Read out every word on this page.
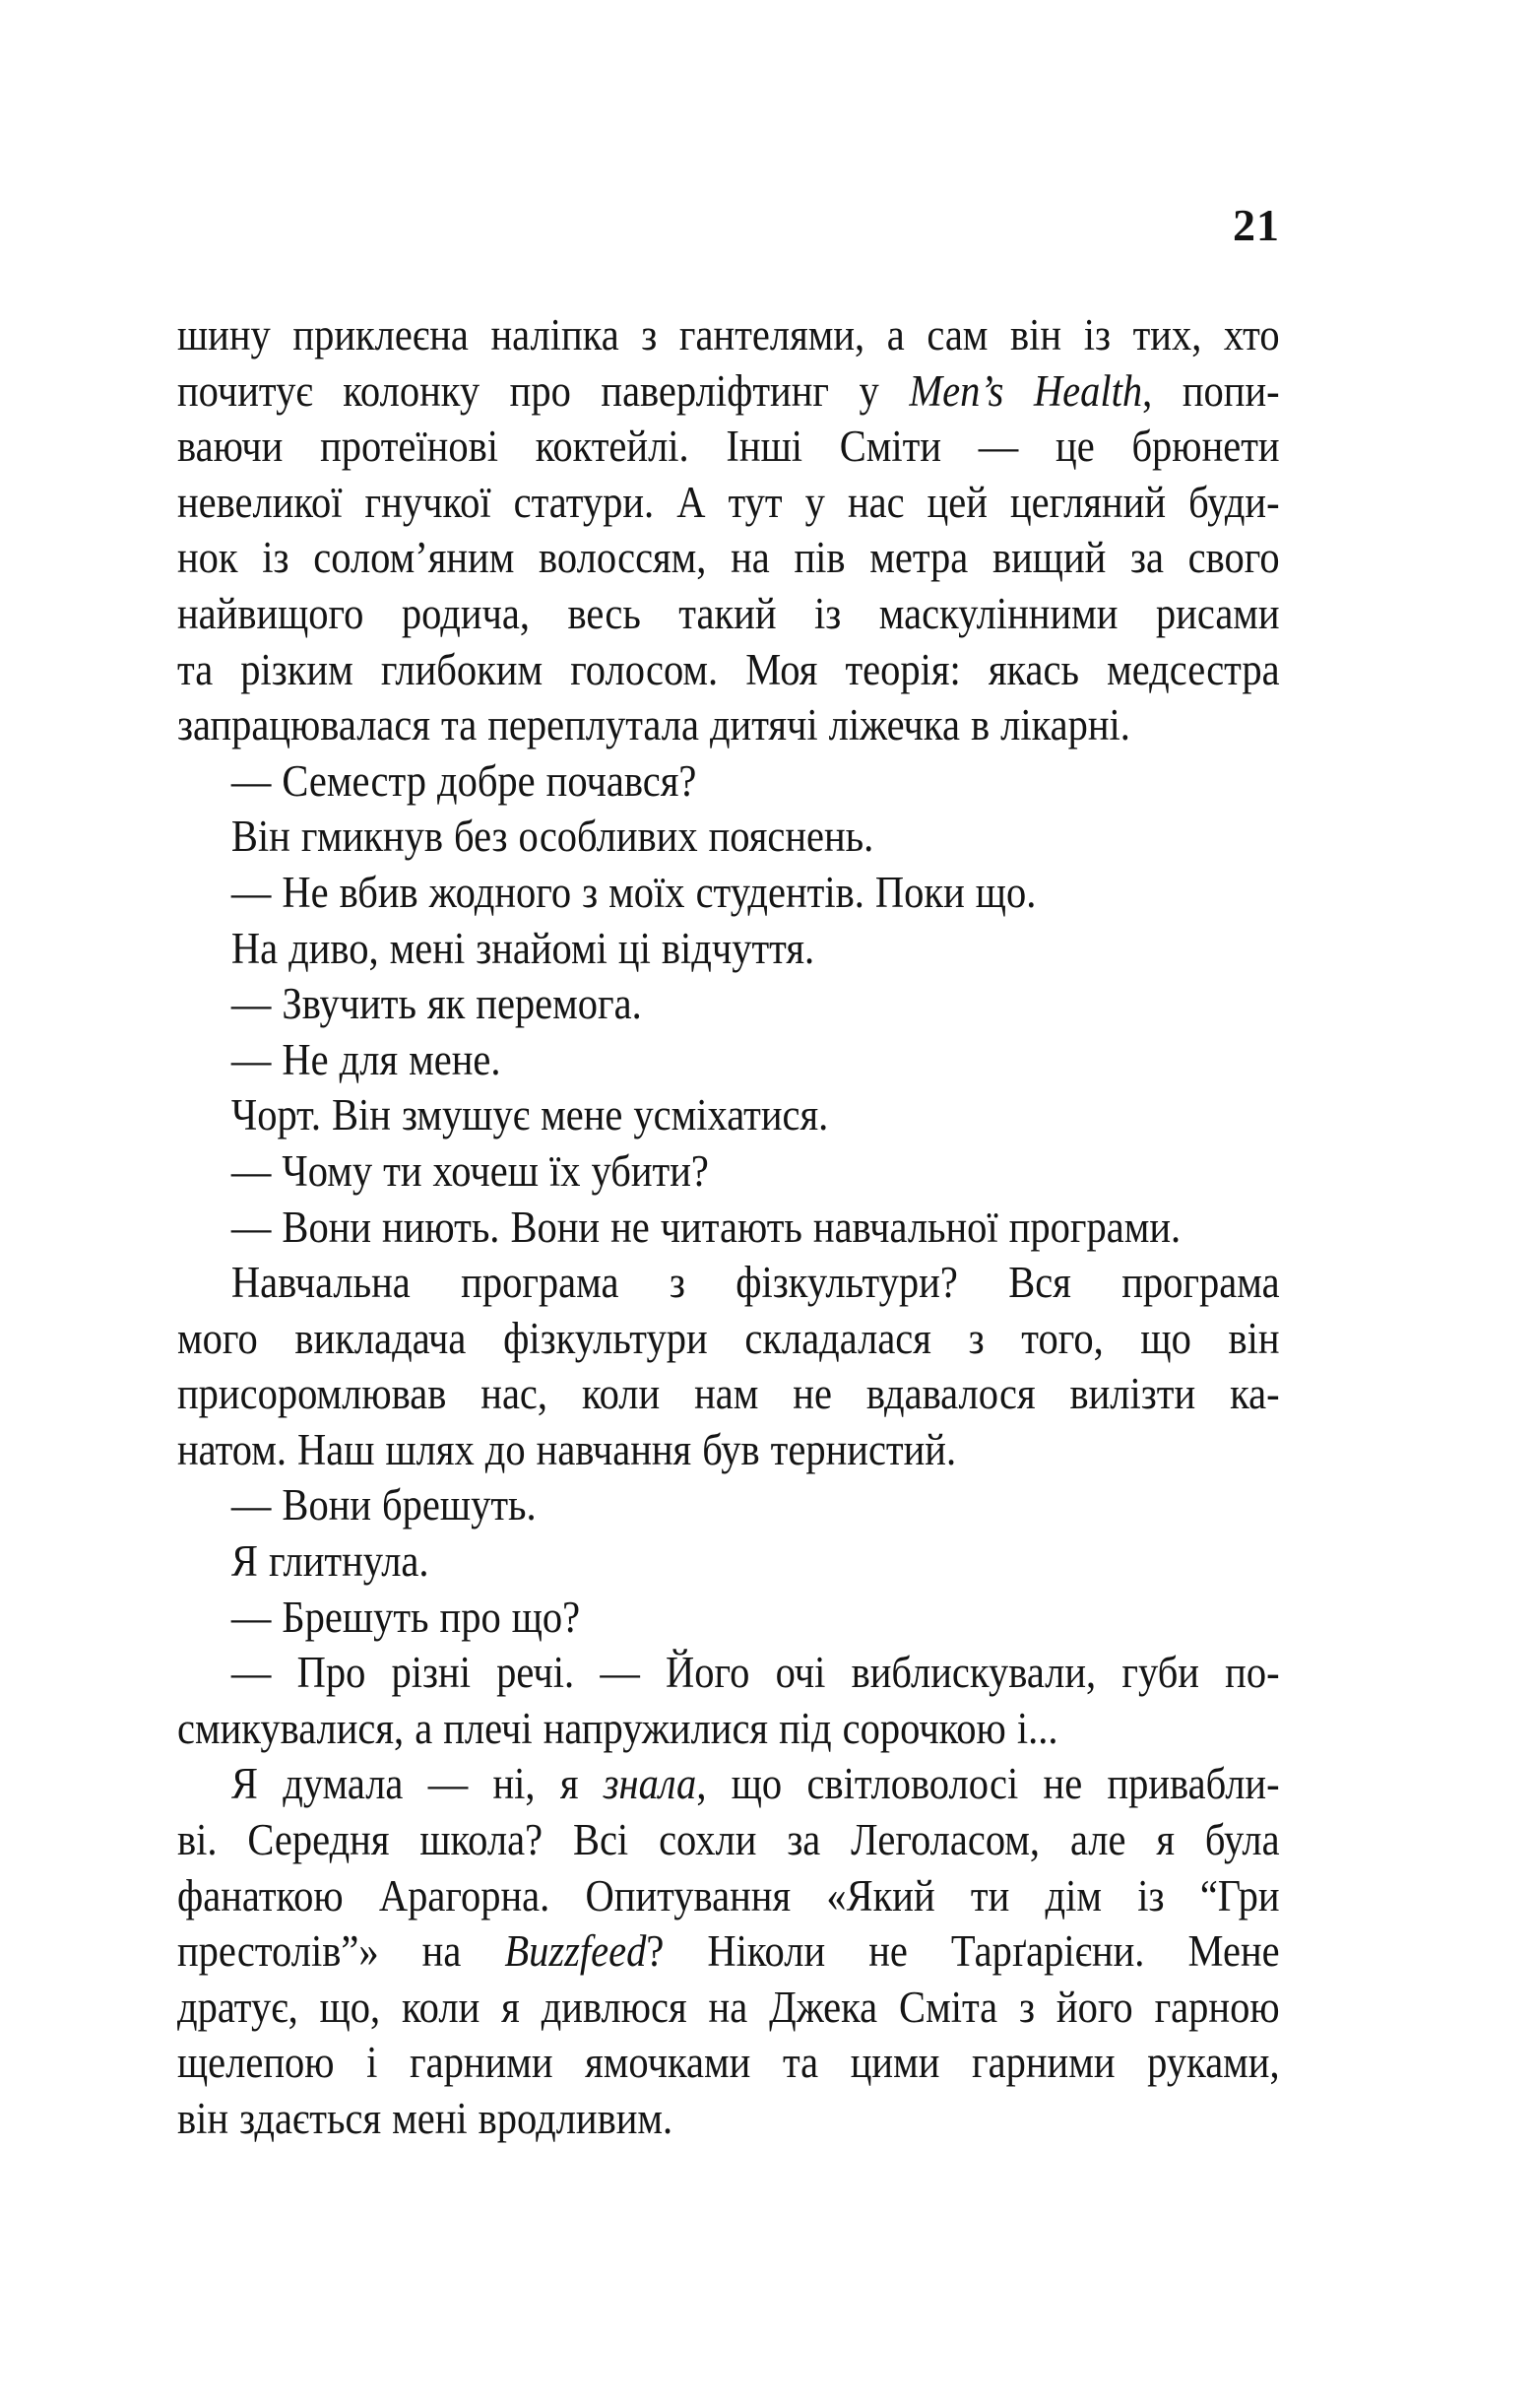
21
шину приклеєна наліпка з гантелями, а сам він із тих, хто
почитує колонку про паверліфтинг у Men’s Health, попи-
ваючи протеїнові коктейлі. Інші Сміти — це брюнети
невеликої гнучкої статури. А тут у нас цей цегляний буди-
нок із солом’яним волоссям, на пів метра вищий за свого
найвищого родича, весь такий із маскулінними рисами
та різким глибоким голосом. Моя теорія: якась медсестра
запрацювалася та переплутала дитячі ліжечка в лікарні.
— Семестр добре почався?
Він гмикнув без особливих пояснень.
— Не вбив жодного з моїх студентів. Поки що.
На диво, мені знайомі ці відчуття.
— Звучить як перемога.
— Не для мене.
Чорт. Він змушує мене усміхатися.
— Чому ти хочеш їх убити?
— Вони ниють. Вони не читають навчальної програми.
Навчальна програма з фізкультури? Вся програма
мого викладача фізкультури складалася з того, що він
присоромлював нас, коли нам не вдавалося вилізти ка-
натом. Наш шлях до навчання був тернистий.
— Вони брешуть.
Я глитнула.
— Брешуть про що?
— Про різні речі. — Його очі виблискували, губи по-
смикувалися, а плечі напружилися під сорочкою і...
Я думала — ні, я знала, що світловолосі не привабли-
ві. Середня школа? Всі сохли за Леголасом, але я була
фанаткою Арагорна. Опитування «Який ти дім із “Гри
престолів”» на Buzzfeed? Ніколи не Тарґарієни. Мене
дратує, що, коли я дивлюся на Джека Сміта з його гарною
щелепою і гарними ямочками та цими гарними руками,
він здається мені вродливим.
